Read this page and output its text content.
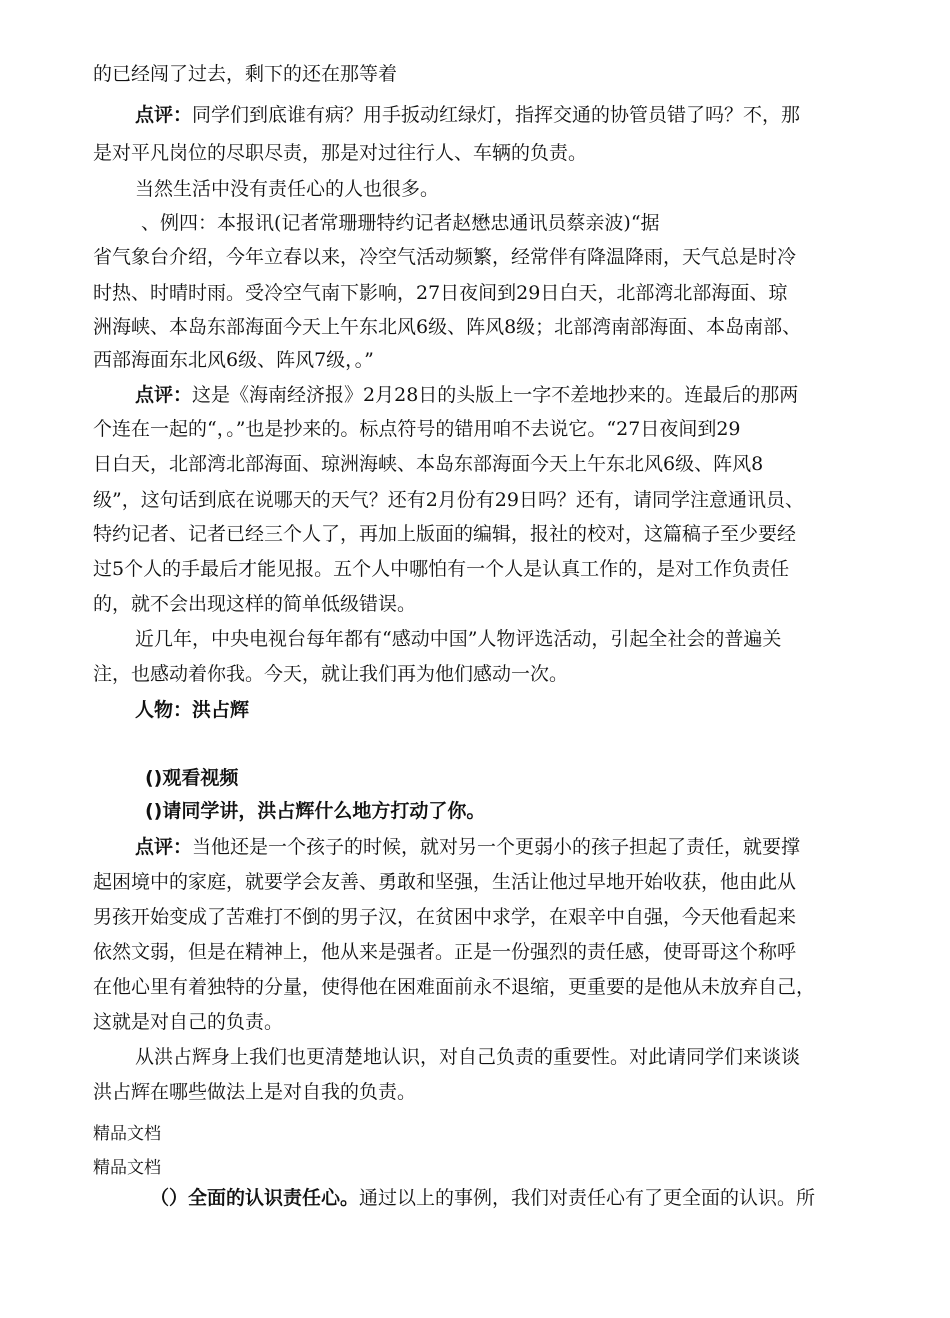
的已经闯了过去，剩下的还在那等着
点评：同学们到底谁有病？用手扳动红绿灯，指挥交通的协管员错了吗？不，那
是对平凡岗位的尽职尽责，那是对过往行人、车辆的负责。
当然生活中没有责任心的人也很多。
、例四：本报讯(记者常珊珊特约记者赵懋忠通讯员蔡亲波)“据
省气象台介绍，今年立春以来，冷空气活动频繁，经常伴有降温降雨，天气总是时冷
时热、时晴时雨。受冷空气南下影响，27日夜间到29日白天，北部湾北部海面、琼
洲海峡、本岛东部海面今天上午东北风6级、阵风8级；北部湾南部海面、本岛南部、
西部海面东北风6级、阵风7级，。”
点评：这是《海南经济报》2月28日的头版上一字不差地抄来的。连最后的那两
个连在一起的“，。”也是抄来的。标点符号的错用咱不去说它。“27日夜间到29
日白天，北部湾北部海面、琼洲海峡、本岛东部海面今天上午东北风6级、阵风8
级”，这句话到底在说哪天的天气？还有2月份有29日吗？还有，请同学注意通讯员、
特约记者、记者已经三个人了，再加上版面的编辑，报社的校对，这篇稿子至少要经
过5个人的手最后才能见报。五个人中哪怕有一个人是认真工作的，是对工作负责任
的，就不会出现这样的简单低级错误。
近几年，中央电视台每年都有“感动中国”人物评选活动，引起全社会的普遍关
注，也感动着你我。今天，就让我们再为他们感动一次。
人物：洪占辉
()观看视频
()请同学讲，洪占辉什么地方打动了你。
点评：当他还是一个孩子的时候，就对另一个更弱小的孩子担起了责任，就要撑
起困境中的家庭，就要学会友善、勇敢和坚强，生活让他过早地开始收获，他由此从
男孩开始变成了苦难打不倒的男子汉，在贫困中求学，在艰辛中自强，今天他看起来
依然文弱，但是在精神上，他从来是强者。正是一份强烈的责任感，使哥哥这个称呼
在他心里有着独特的分量，使得他在困难面前永不退缩，更重要的是他从未放弃自己，
这就是对自己的负责。
从洪占辉身上我们也更清楚地认识，对自己负责的重要性。对此请同学们来谈谈
洪占辉在哪些做法上是对自我的负责。
精品文档
精品文档
（）全面的认识责任心。通过以上的事例，我们对责任心有了更全面的认识。所
